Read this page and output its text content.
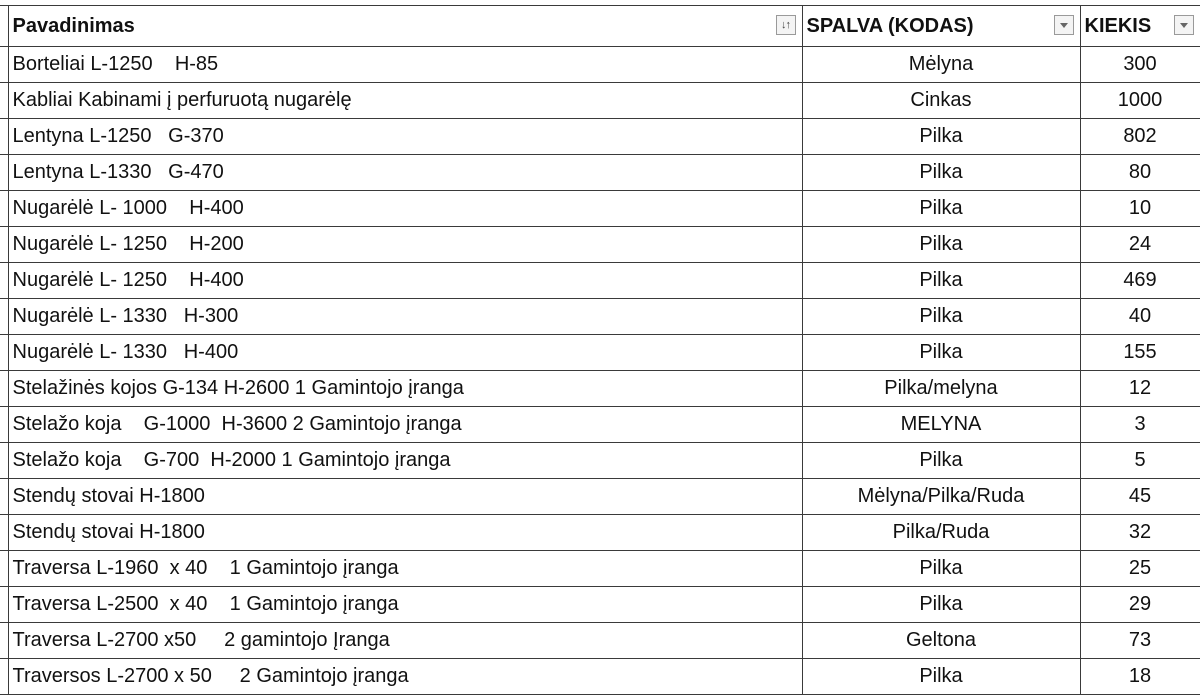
	Pavadinimas ↓↑	SPALVA (KODAS)	KIEKIS

	Borteliai L-1250    H-85	Mėlyna	300
	Kabliai Kabinami į perfuruotą nugarėlę	Cinkas	1000
	Lentyna L-1250   G-370	Pilka	802
	Lentyna L-1330   G-470	Pilka	80
	Nugarėlė L- 1000    H-400	Pilka	10
	Nugarėlė L- 1250    H-200	Pilka	24
	Nugarėlė L- 1250    H-400	Pilka	469
	Nugarėlė L- 1330   H-300	Pilka	40
	Nugarėlė L- 1330   H-400	Pilka	155
	Stelažinės kojos G-134 H-2600 1 Gamintojo įranga	Pilka/melyna	12
	Stelažo koja    G-1000  H-3600 2 Gamintojo įranga	MELYNA	3
	Stelažo koja    G-700  H-2000 1 Gamintojo įranga	Pilka	5
	Stendų stovai H-1800	Mėlyna/Pilka/Ruda	45
	Stendų stovai H-1800	Pilka/Ruda	32
	Traversa L-1960  x 40    1 Gamintojo įranga	Pilka	25
	Traversa L-2500  x 40    1 Gamintojo įranga	Pilka	29
	Traversa L-2700 x50     2 gamintojo Įranga	Geltona	73
	Traversos L-2700 x 50     2 Gamintojo įranga	Pilka	18
